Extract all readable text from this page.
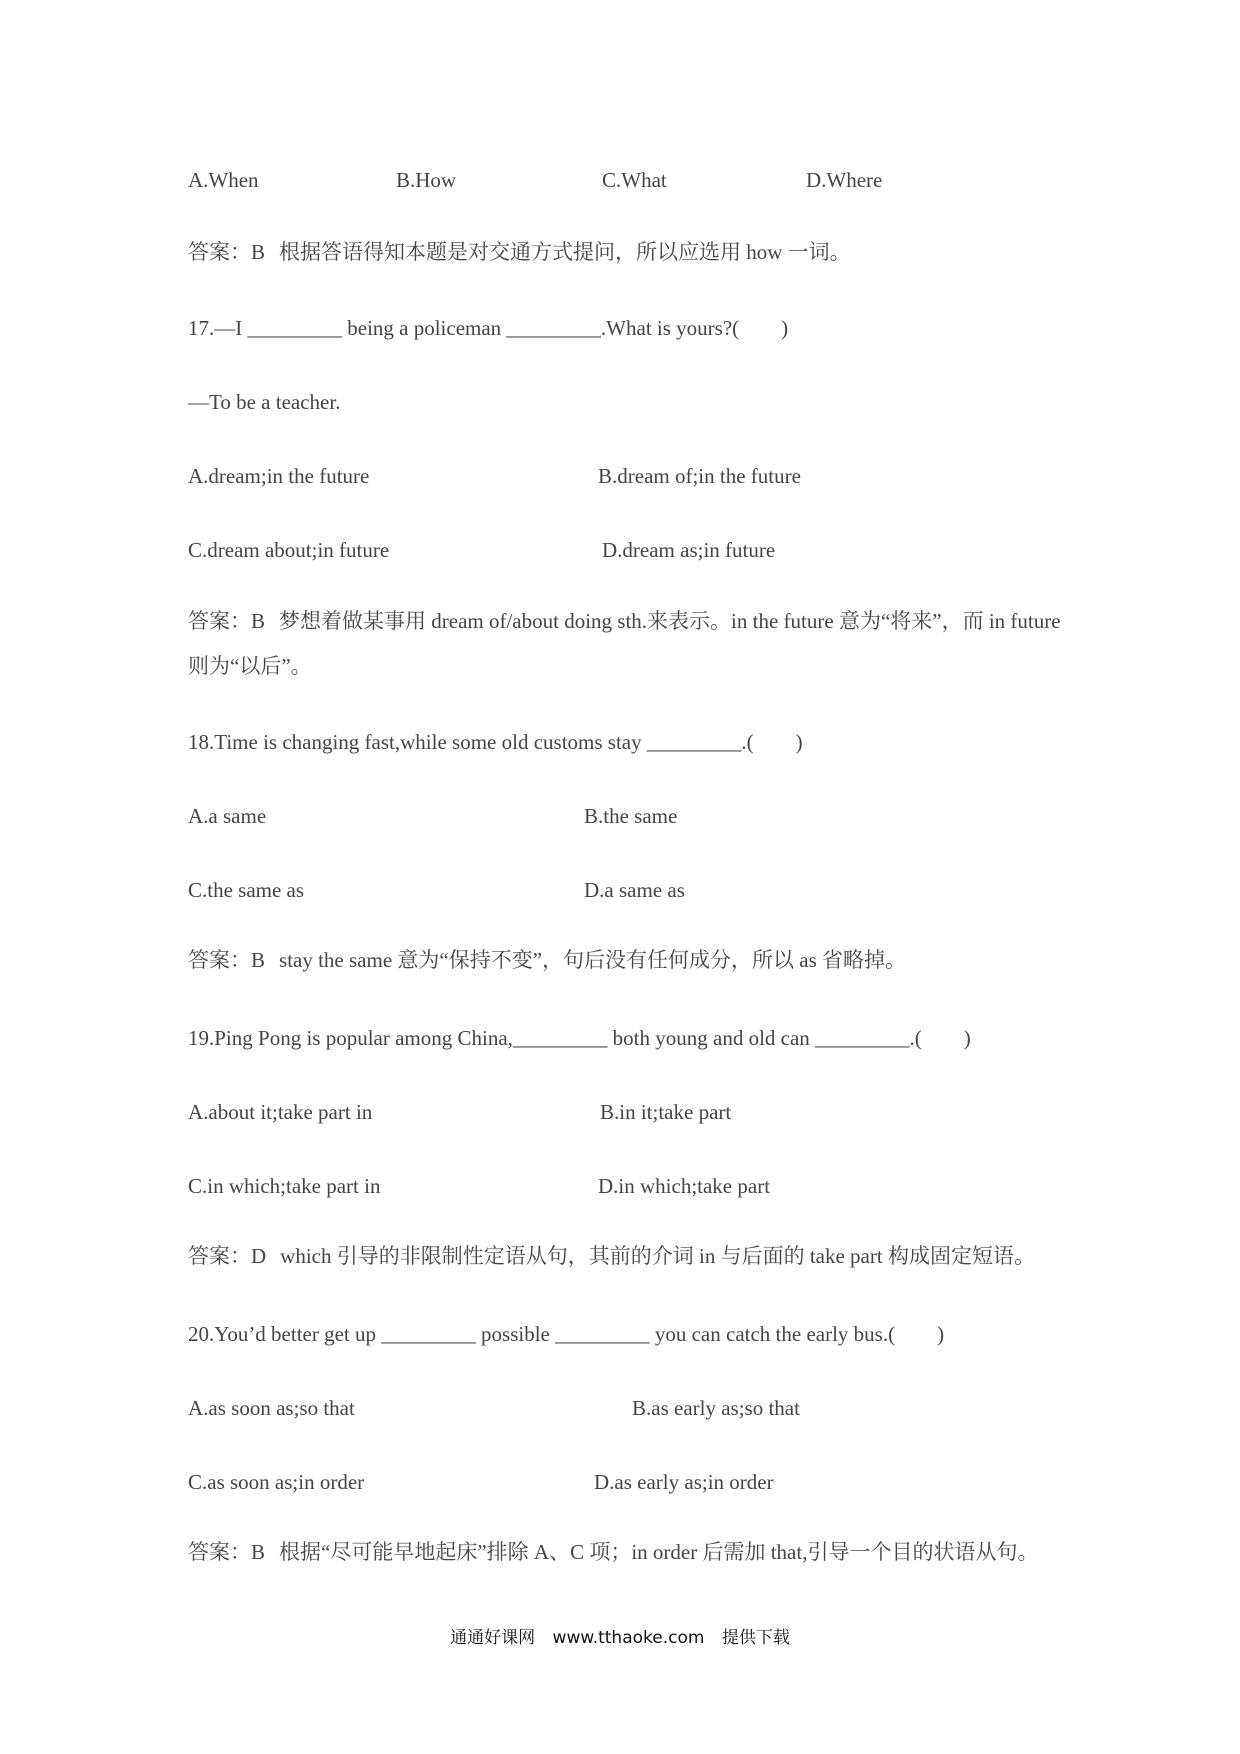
A.When	B.How	C.What	D.Where
答案：B 根据答语得知本题是对交通方式提问，所以应选用 how 一词。
17.—I _________ being a policeman _________.What is yours?(  )
—To be a teacher.
A.dream;in the future	B.dream of;in the future
C.dream about;in future	D.dream as;in future
答案：B 梦想着做某事用 dream of/about doing sth.来表示。in the future 意为“将来”，而 in future 则为“以后”。
18.Time is changing fast,while some old customs stay _________.(  )
A.a same	B.the same
C.the same as	D.a same as
答案：B stay the same 意为“保持不变”，句后没有任何成分，所以 as 省略掉。
19.Ping Pong is popular among China,_________ both young and old can _________.(  )
A.about it;take part in	B.in it;take part
C.in which;take part in	D.in which;take part
答案：D which 引导的非限制性定语从句，其前的介词 in 与后面的 take part 构成固定短语。
20.You’d better get up _________ possible _________ you can catch the early bus.(  )
A.as soon as;so that	B.as early as;so that
C.as soon as;in order	D.as early as;in order
答案：B 根据“尽可能早地起床”排除 A、C 项；in order 后需加 that,引导一个目的状语从句。
通通好课网 www.tthaoke.com 提供下载
